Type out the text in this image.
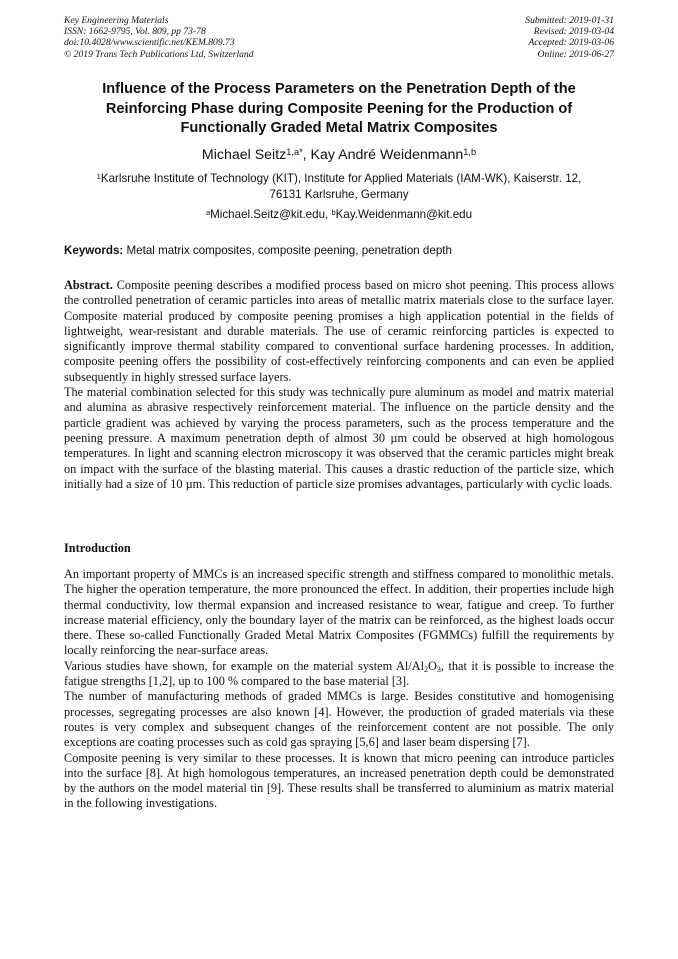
Key Engineering Materials
ISSN: 1662-9795, Vol. 809, pp 73-78
doi:10.4028/www.scientific.net/KEM.809.73
© 2019 Trans Tech Publications Ltd, Switzerland
Submitted: 2019-01-31
Revised: 2019-03-04
Accepted: 2019-03-06
Online: 2019-06-27
Influence of the Process Parameters on the Penetration Depth of the
Reinforcing Phase during Composite Peening for the Production of
Functionally Graded Metal Matrix Composites
Michael Seitz$^{1,a*}$, Kay André Weidenmann$^{1,b}$
$^1$Karlsruhe Institute of Technology (KIT), Institute for Applied Materials (IAM-WK), Kaiserstr. 12,
76131 Karlsruhe, Germany
$^a$Michael.Seitz@kit.edu, $^b$Kay.Weidenmann@kit.edu
Keywords: Metal matrix composites, composite peening, penetration depth

Abstract. Composite peening describes a modified process based on micro shot peening. This process allows the controlled penetration of ceramic particles into areas of metallic matrix materials close to the surface layer. Composite material produced by composite peening promises a high application potential in the fields of lightweight, wear-resistant and durable materials. The use of ceramic reinforcing particles is expected to significantly improve thermal stability compared to conventional surface hardening processes. In addition, composite peening offers the possibility of cost-effectively reinforcing components and can even be applied subsequently in highly stressed surface layers.

The material combination selected for this study was technically pure aluminum as model and matrix material and alumina as abrasive respectively reinforcement material. The influence on the particle density and the particle gradient was achieved by varying the process parameters, such as the process temperature and the peening pressure. A maximum penetration depth of almost 30 µm could be observed at high homologous temperatures. In light and scanning electron microscopy it was observed that the ceramic particles might break on impact with the surface of the blasting material. This causes a drastic reduction of the particle size, which initially had a size of 10 µm. This reduction of particle size promises advantages, particularly with cyclic loads.

Introduction

An important property of MMCs is an increased specific strength and stiffness compared to monolithic metals. The higher the operation temperature, the more pronounced the effect. In addition, their properties include high thermal conductivity, low thermal expansion and increased resistance to wear, fatigue and creep. To further increase material efficiency, only the boundary layer of the matrix can be reinforced, as the highest loads occur there. These so-called Functionally Graded Metal Matrix Composites (FGMMCs) fulfill the requirements by locally reinforcing the near-surface areas.

Various studies have shown, for example on the material system $Al/Al_2O_3$, that it is possible to increase the fatigue strengths [1,2], up to 100 % compared to the base material [3].

The number of manufacturing methods of graded MMCs is large. Besides constitutive and homogenising processes, segregating processes are also known [4]. However, the production of graded materials via these routes is very complex and subsequent changes of the reinforcement content are not possible. The only exceptions are coating processes such as cold gas spraying [5,6] and laser beam dispersing [7].

Composite peening is very similar to these processes. It is known that micro peening can introduce particles into the surface [8]. At high homologous temperatures, an increased penetration depth could be demonstrated by the authors on the model material tin [9]. These results shall be transferred to aluminium as matrix material in the following investigations.
